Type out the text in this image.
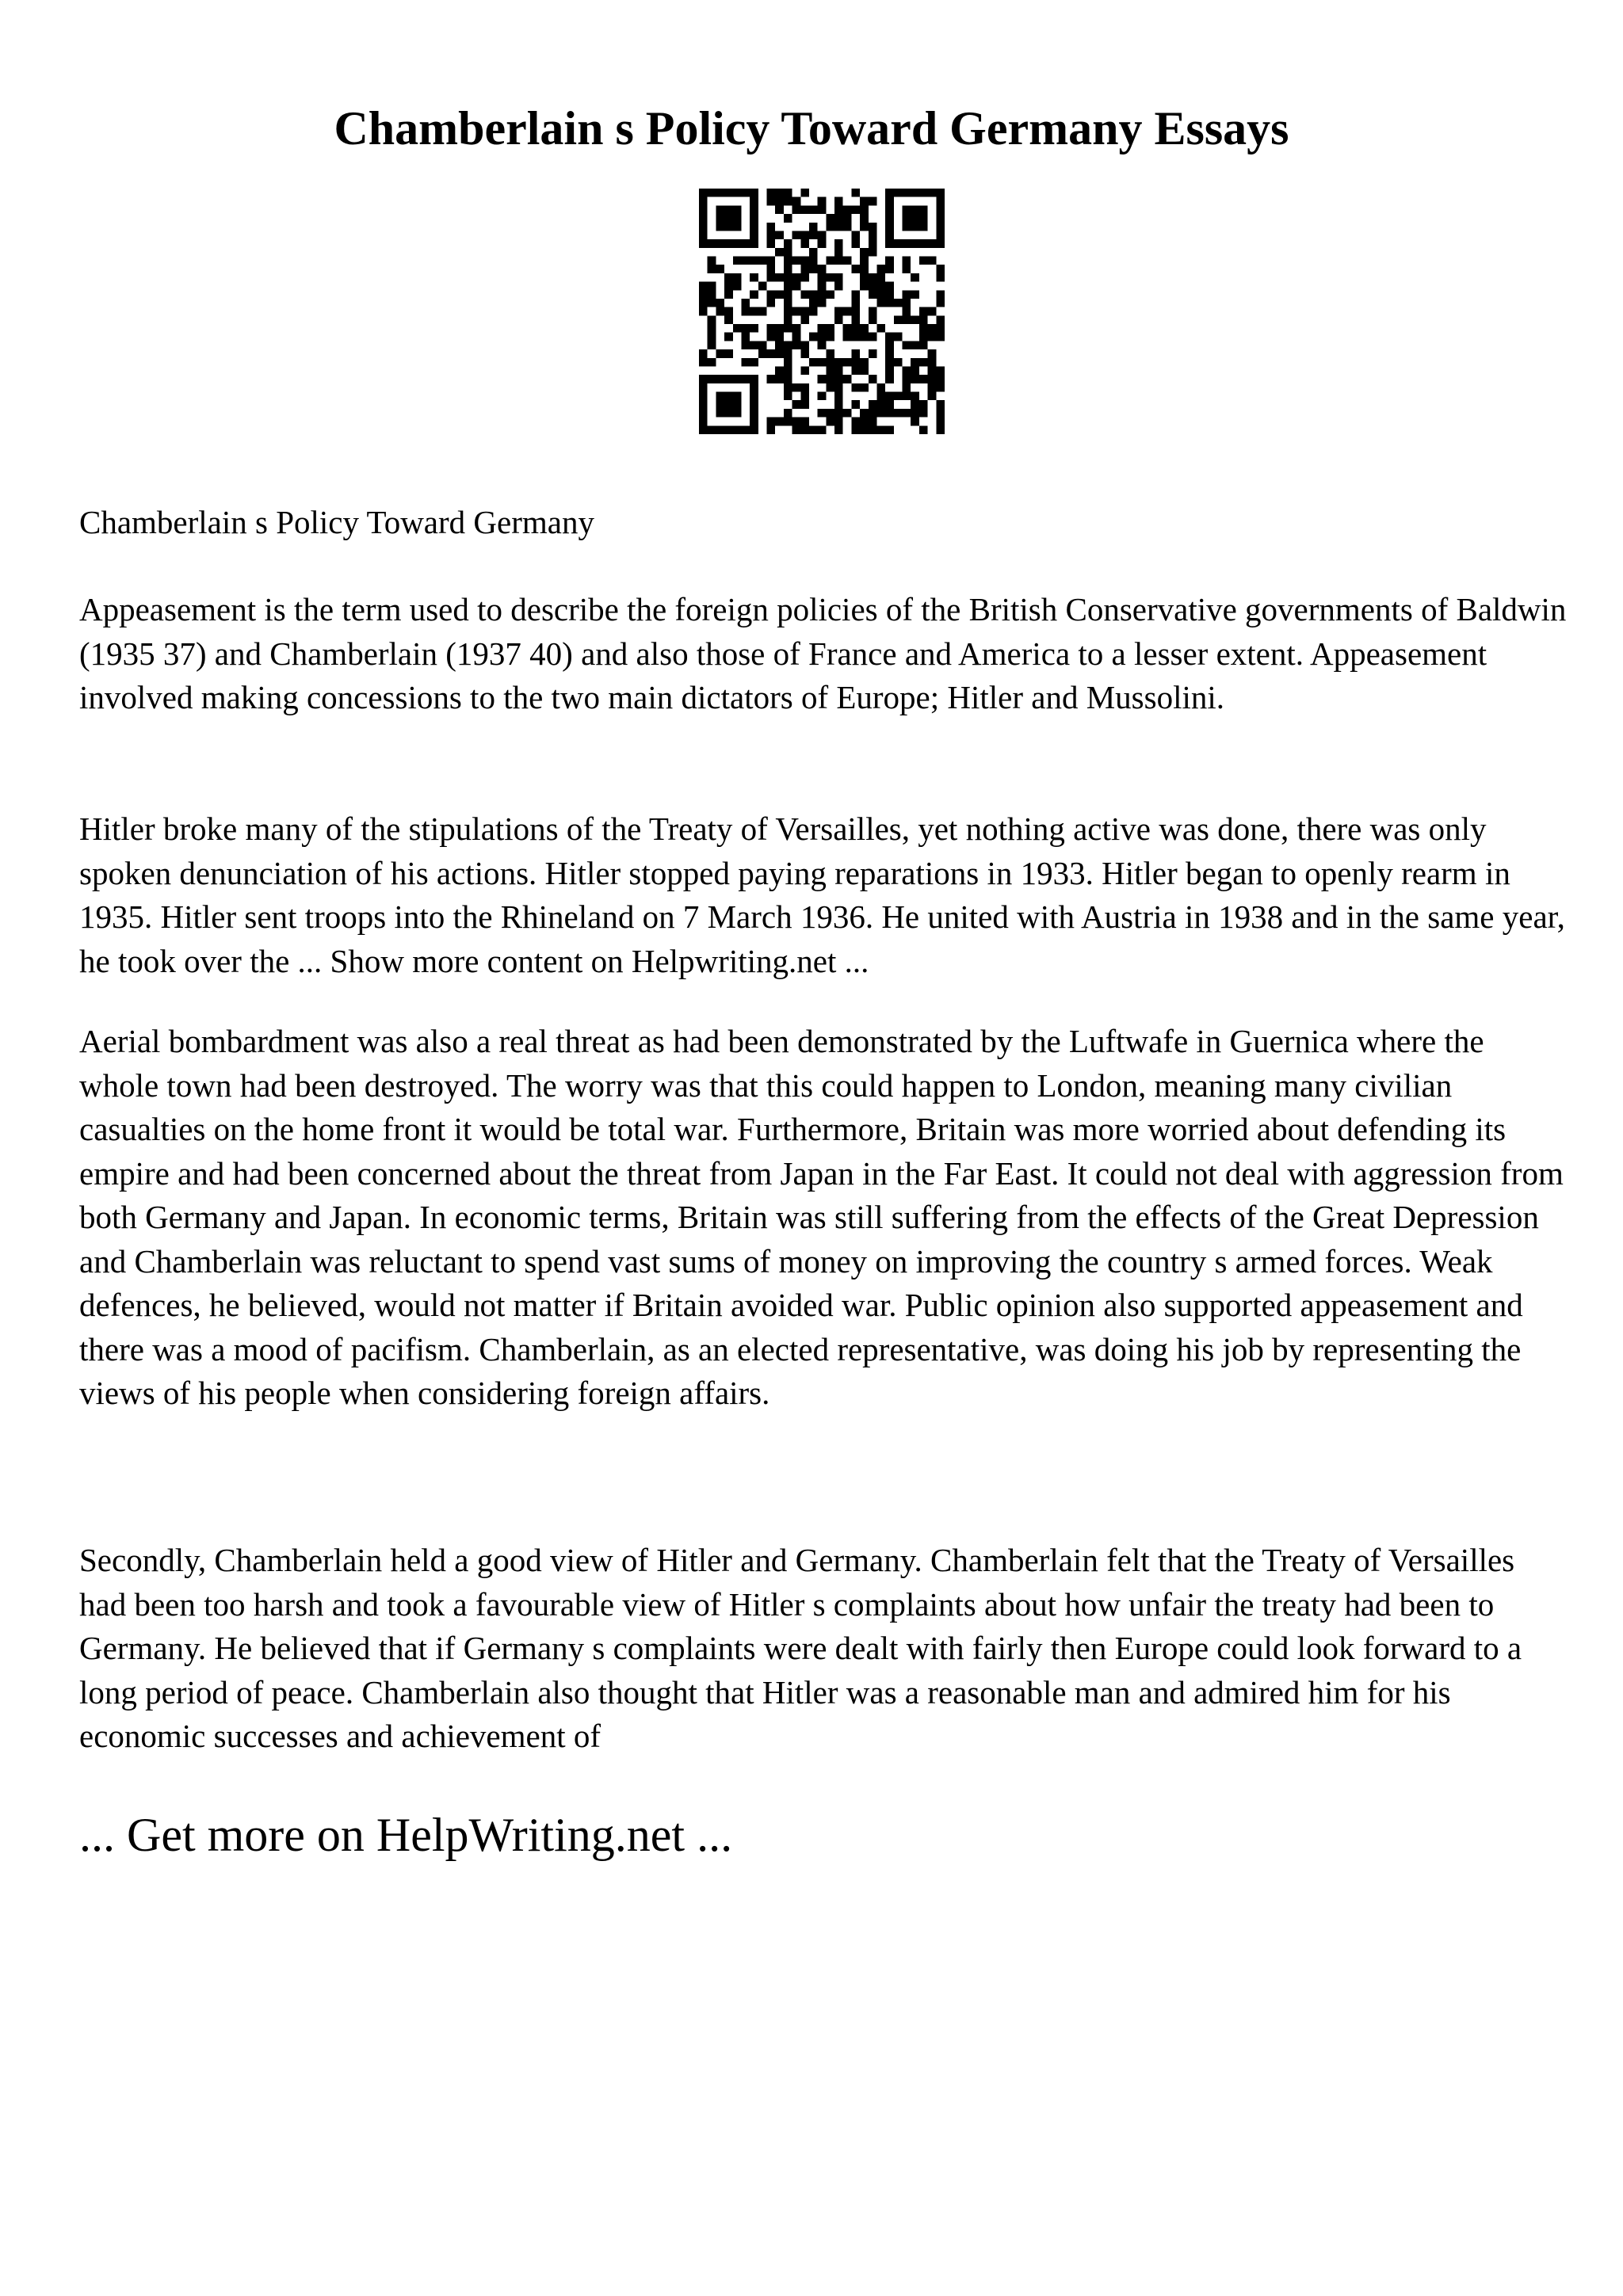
Chamberlain s Policy Toward Germany Essays

Chamberlain s Policy Toward Germany

Appeasement is the term used to describe the foreign policies of the British Conservative governments of Baldwin (1935 37) and Chamberlain (1937 40) and also those of France and America to a lesser extent. Appeasement involved making concessions to the two main dictators of Europe; Hitler and Mussolini.

Hitler broke many of the stipulations of the Treaty of Versailles, yet nothing active was done, there was only spoken denunciation of his actions. Hitler stopped paying reparations in 1933. Hitler began to openly rearm in 1935. Hitler sent troops into the Rhineland on 7 March 1936. He united with Austria in 1938 and in the same year, he took over the ... Show more content on Helpwriting.net ...

Aerial bombardment was also a real threat as had been demonstrated by the Luftwafe in Guernica where the whole town had been destroyed. The worry was that this could happen to London, meaning many civilian casualties on the home front it would be total war. Furthermore, Britain was more worried about defending its empire and had been concerned about the threat from Japan in the Far East. It could not deal with aggression from both Germany and Japan. In economic terms, Britain was still suffering from the effects of the Great Depression and Chamberlain was reluctant to spend vast sums of money on improving the country s armed forces. Weak defences, he believed, would not matter if Britain avoided war. Public opinion also supported appeasement and there was a mood of pacifism. Chamberlain, as an elected representative, was doing his job by representing the views of his people when considering foreign affairs.

Secondly, Chamberlain held a good view of Hitler and Germany. Chamberlain felt that the Treaty of Versailles had been too harsh and took a favourable view of Hitler s complaints about how unfair the treaty had been to Germany. He believed that if Germany s complaints were dealt with fairly then Europe could look forward to a long period of peace. Chamberlain also thought that Hitler was a reasonable man and admired him for his economic successes and achievement of

... Get more on HelpWriting.net ...
